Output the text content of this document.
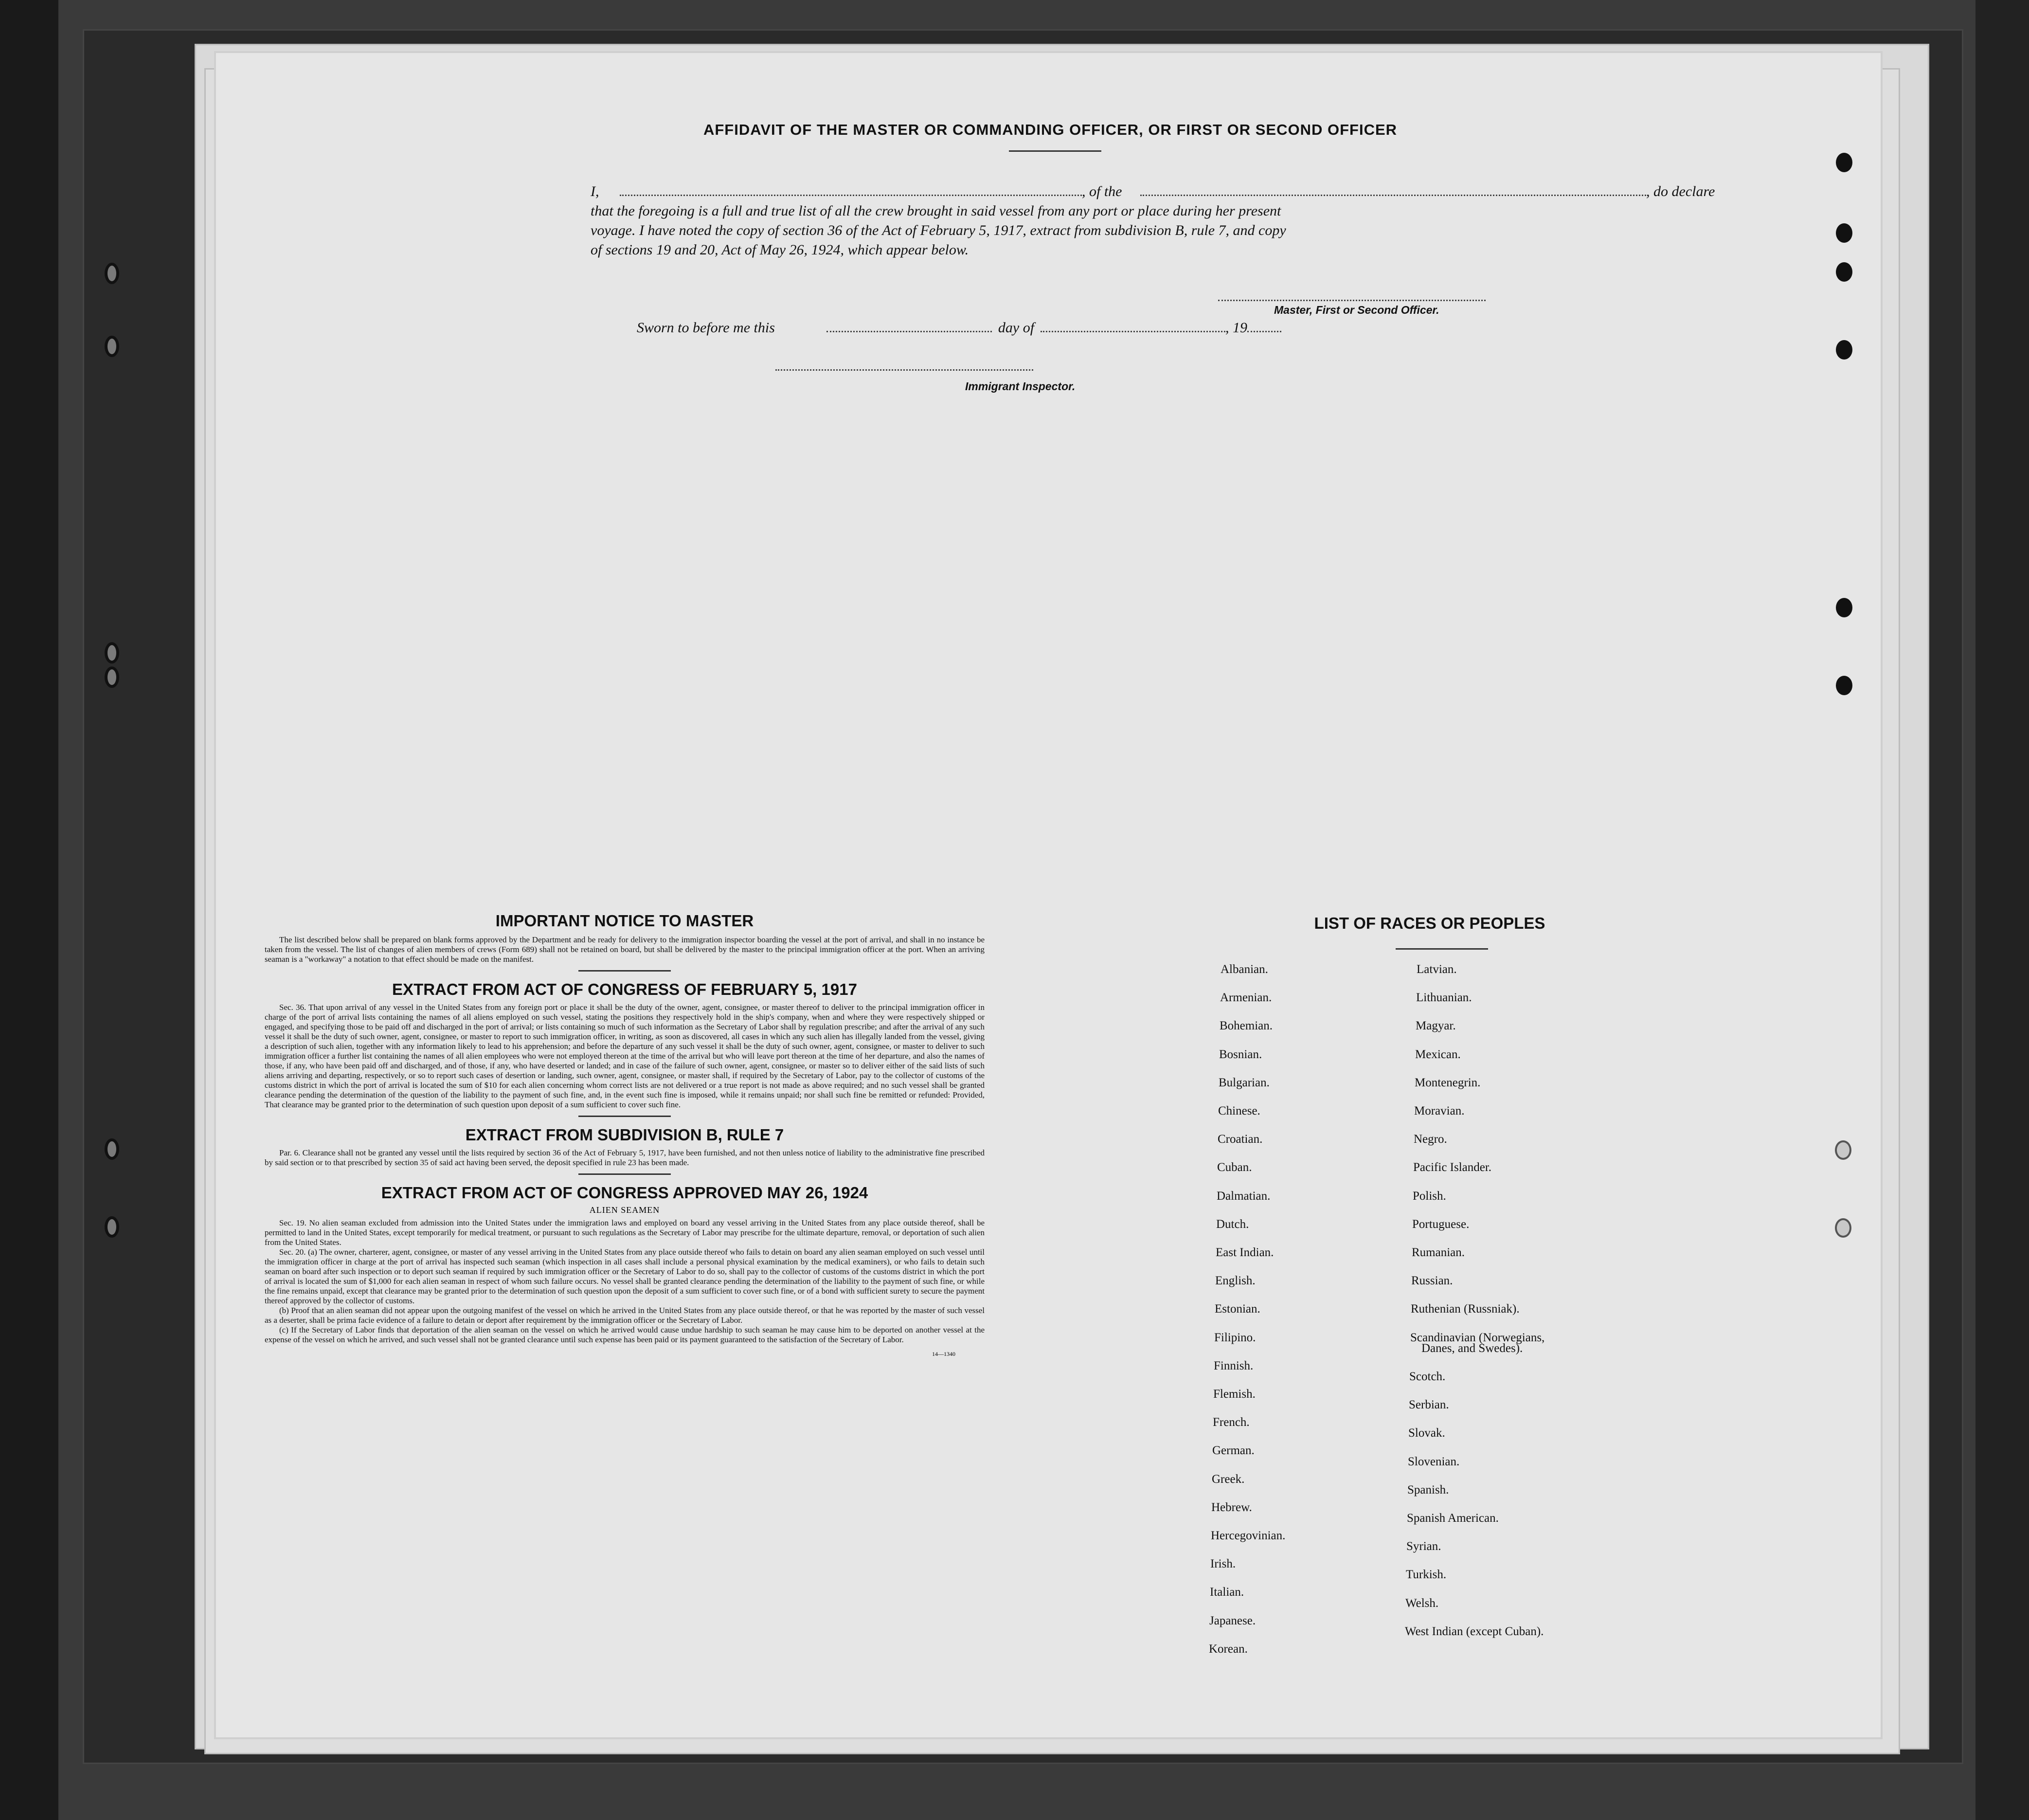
AFFIDAVIT OF THE MASTER OR COMMANDING OFFICER, OR FIRST OR SECOND OFFICER
I,	, of the	, do declare
that the foregoing is a full and true list of all the crew brought in said vessel from any port or place during her present
voyage. I have noted the copy of section 36 of the Act of February 5, 1917, extract from subdivision B, rule 7, and copy
of sections 19 and 20, Act of May 26, 1924, which appear below.
Master, First or Second Officer.
Sworn to before me this	day of	, 19
Immigrant Inspector.
IMPORTANT NOTICE TO MASTER
The list described below shall be prepared on blank forms approved by the Department and be ready for delivery to the immigration inspector boarding the vessel at the port of arrival, and shall in no instance be taken from the vessel. The list of changes of alien members of crews (Form 689) shall not be retained on board, but shall be delivered by the master to the principal immigration officer at the port. When an arriving seaman is a "workaway" a notation to that effect should be made on the manifest.
EXTRACT FROM ACT OF CONGRESS OF FEBRUARY 5, 1917
Sec. 36. That upon arrival of any vessel in the United States from any foreign port or place it shall be the duty of the owner, agent, consignee, or master thereof to deliver to the principal immigration officer in charge of the port of arrival lists containing the names of all aliens employed on such vessel, stating the positions they respectively hold in the ship's company, when and where they were respectively shipped or engaged, and specifying those to be paid off and discharged in the port of arrival; or lists containing so much of such information as the Secretary of Labor shall by regulation prescribe; and after the arrival of any such vessel it shall be the duty of such owner, agent, consignee, or master to report to such immigration officer, in writing, as soon as discovered, all cases in which any such alien has illegally landed from the vessel, giving a description of such alien, together with any information likely to lead to his apprehension; and before the departure of any such vessel it shall be the duty of such owner, agent, consignee, or master to deliver to such immigration officer a further list containing the names of all alien employees who were not employed thereon at the time of the arrival but who will leave port thereon at the time of her departure, and also the names of those, if any, who have been paid off and discharged, and of those, if any, who have deserted or landed; and in case of the failure of such owner, agent, consignee, or master so to deliver either of the said lists of such aliens arriving and departing, respectively, or so to report such cases of desertion or landing, such owner, agent, consignee, or master shall, if required by the Secretary of Labor, pay to the collector of customs of the customs district in which the port of arrival is located the sum of $10 for each alien concerning whom correct lists are not delivered or a true report is not made as above required; and no such vessel shall be granted clearance pending the determination of the question of the liability to the payment of such fine, and, in the event such fine is imposed, while it remains unpaid; nor shall such fine be remitted or refunded: Provided, That clearance may be granted prior to the determination of such question upon deposit of a sum sufficient to cover such fine.
EXTRACT FROM SUBDIVISION B, RULE 7
Par. 6. Clearance shall not be granted any vessel until the lists required by section 36 of the Act of February 5, 1917, have been furnished, and not then unless notice of liability to the administrative fine prescribed by said section or to that prescribed by section 35 of said act having been served, the deposit specified in rule 23 has been made.
EXTRACT FROM ACT OF CONGRESS APPROVED MAY 26, 1924
ALIEN SEAMEN
Sec. 19. No alien seaman excluded from admission into the United States under the immigration laws and employed on board any vessel arriving in the United States from any place outside thereof, shall be permitted to land in the United States, except temporarily for medical treatment, or pursuant to such regulations as the Secretary of Labor may prescribe for the ultimate departure, removal, or deportation of such alien from the United States.
Sec. 20. (a) The owner, charterer, agent, consignee, or master of any vessel arriving in the United States from any place outside thereof who fails to detain on board any alien seaman employed on such vessel until the immigration officer in charge at the port of arrival has inspected such seaman (which inspection in all cases shall include a personal physical examination by the medical examiners), or who fails to detain such seaman on board after such inspection or to deport such seaman if required by such immigration officer or the Secretary of Labor to do so, shall pay to the collector of customs of the customs district in which the port of arrival is located the sum of $1,000 for each alien seaman in respect of whom such failure occurs. No vessel shall be granted clearance pending the determination of the liability to the payment of such fine, or while the fine remains unpaid, except that clearance may be granted prior to the determination of such question upon the deposit of a sum sufficient to cover such fine, or of a bond with sufficient surety to secure the payment thereof approved by the collector of customs.
(b) Proof that an alien seaman did not appear upon the outgoing manifest of the vessel on which he arrived in the United States from any place outside thereof, or that he was reported by the master of such vessel as a deserter, shall be prima facie evidence of a failure to detain or deport after requirement by the immigration officer or the Secretary of Labor.
(c) If the Secretary of Labor finds that deportation of the alien seaman on the vessel on which he arrived would cause undue hardship to such seaman he may cause him to be deported on another vessel at the expense of the vessel on which he arrived, and such vessel shall not be granted clearance until such expense has been paid or its payment guaranteed to the satisfaction of the Secretary of Labor.
14—1340
LIST OF RACES OR PEOPLES
Albanian.
Armenian.
Bohemian.
Bosnian.
Bulgarian.
Chinese.
Croatian.
Cuban.
Dalmatian.
Dutch.
East Indian.
English.
Estonian.
Filipino.
Finnish.
Flemish.
French.
German.
Greek.
Hebrew.
Hercegovinian.
Irish.
Italian.
Japanese.
Korean.
Latvian.
Lithuanian.
Magyar.
Mexican.
Montenegrin.
Moravian.
Negro.
Pacific Islander.
Polish.
Portuguese.
Rumanian.
Russian.
Ruthenian (Russniak).
Scandinavian (Norwegians,
Danes, and Swedes).
Scotch.
Serbian.
Slovak.
Slovenian.
Spanish.
Spanish American.
Syrian.
Turkish.
Welsh.
West Indian (except Cuban).
